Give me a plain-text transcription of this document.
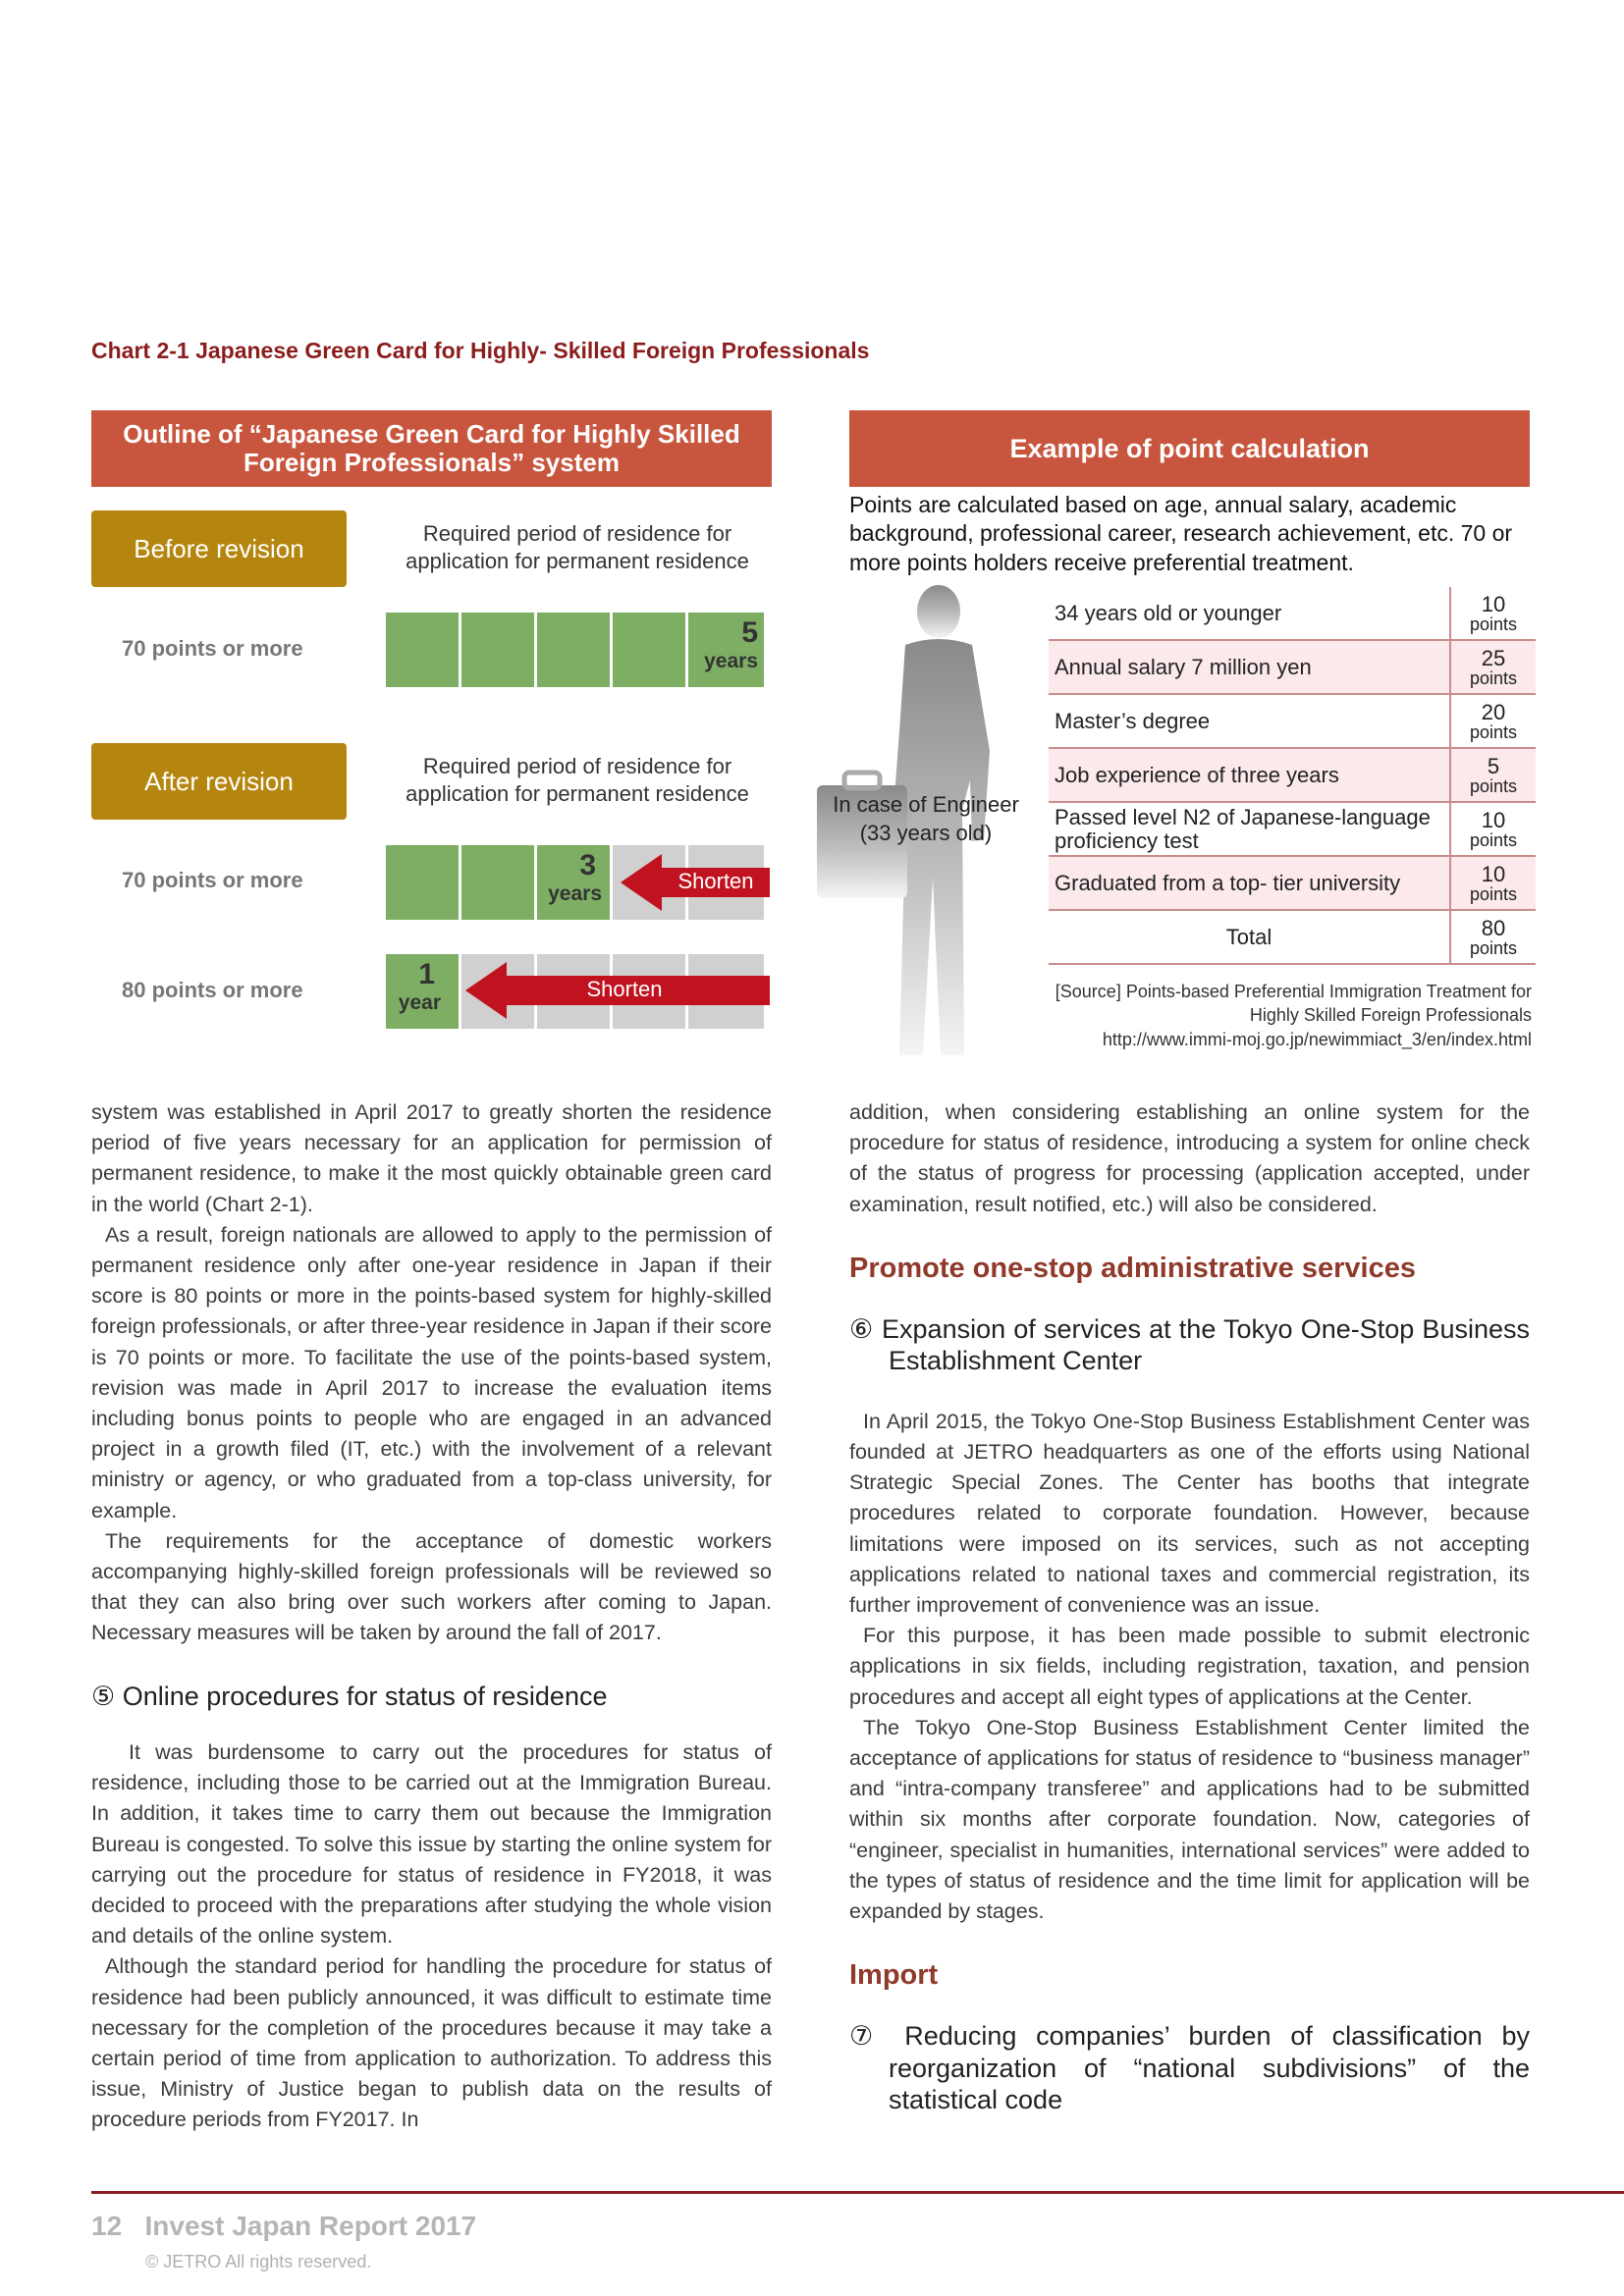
Chart 2-1 Japanese Green Card for Highly- Skilled Foreign Professionals
Outline of “Japanese Green Card for Highly Skilled Foreign Professionals” system
Before revision	Required period of residence for application for permanent residence
70 points or more	5
years
After revision	Required period of residence for application for permanent residence
70 points or more	3
years
Shorten
80 points or more	1
year
Shorten
Example of point calculation
Points are calculated based on age, annual salary, academic background, professional career, research achievement, etc. 70 or more points holders receive preferential treatment.
In case of Engineer (33 years old)
34 years old or younger	10
points

Annual salary 7 million yen	25
points

Master’s degree	20
points

Job experience of three years	5
points

Passed level N2 of Japanese-language proficiency test	10
points

Graduated from a top- tier university	10
points

Total	80
points
[Source] Points-based Preferential Immigration Treatment for
Highly Skilled Foreign Professionals
http://www.immi-moj.go.jp/newimmiact_3/en/index.html

system was established in April 2017 to greatly shorten the residence period of five years necessary for an application for permission of permanent residence, to make it the most quickly obtainable green card in the world (Chart 2-1).

As a result, foreign nationals are allowed to apply to the permission of permanent residence only after one-year residence in Japan if their score is 80 points or more in the points-based system for highly-skilled foreign professionals, or after three-year residence in Japan if their score is 70 points or more. To facilitate the use of the points-based system, revision was made in April 2017 to increase the evaluation items including bonus points to people who are engaged in an advanced project in a growth filed (IT, etc.) with the involvement of a relevant ministry or agency, or who graduated from a top-class university, for example.

The requirements for the acceptance of domestic workers accompanying highly-skilled foreign professionals will be reviewed so that they can also bring over such workers after coming to Japan. Necessary measures will be taken by around the fall of 2017.

⑤ Online procedures for status of residence

It was burdensome to carry out the procedures for status of residence, including those to be carried out at the Immigration Bureau. In addition, it takes time to carry them out because the Immigration Bureau is congested. To solve this issue by starting the online system for carrying out the procedure for status of residence in FY2018, it was decided to proceed with the preparations after studying the whole vision and details of the online system.

Although the standard period for handling the procedure for status of residence had been publicly announced, it was difficult to estimate time necessary for the completion of the procedures because it may take a certain period of time from application to authorization. To address this issue, Ministry of Justice began to publish data on the results of procedure periods from FY2017. In

addition, when considering establishing an online system for the procedure for status of residence, introducing a system for online check of the status of progress for processing (application accepted, under examination, result notified, etc.) will also be considered.

Promote one-stop administrative services
⑥ Expansion of services at the Tokyo One-Stop Business Establishment Center

In April 2015, the Tokyo One-Stop Business Establishment Center was founded at JETRO headquarters as one of the efforts using National Strategic Special Zones. The Center has booths that integrate procedures related to corporate foundation. However, because limitations were imposed on its services, such as not accepting applications related to national taxes and commercial registration, its further improvement of convenience was an issue.

For this purpose, it has been made possible to submit electronic applications in six fields, including registration, taxation, and pension procedures and accept all eight types of applications at the Center.

The Tokyo One-Stop Business Establishment Center limited the acceptance of applications for status of residence to “business manager” and “intra-company transferee” and applications had to be submitted within six months after corporate foundation. Now, categories of “engineer, specialist in humanities, international services” were added to the types of status of residence and the time limit for application will be expanded by stages.

Import
⑦ Reducing companies’ burden of classification by reorganization of “national subdivisions” of the statistical code
12 Invest Japan Report 2017
© JETRO All rights reserved.
